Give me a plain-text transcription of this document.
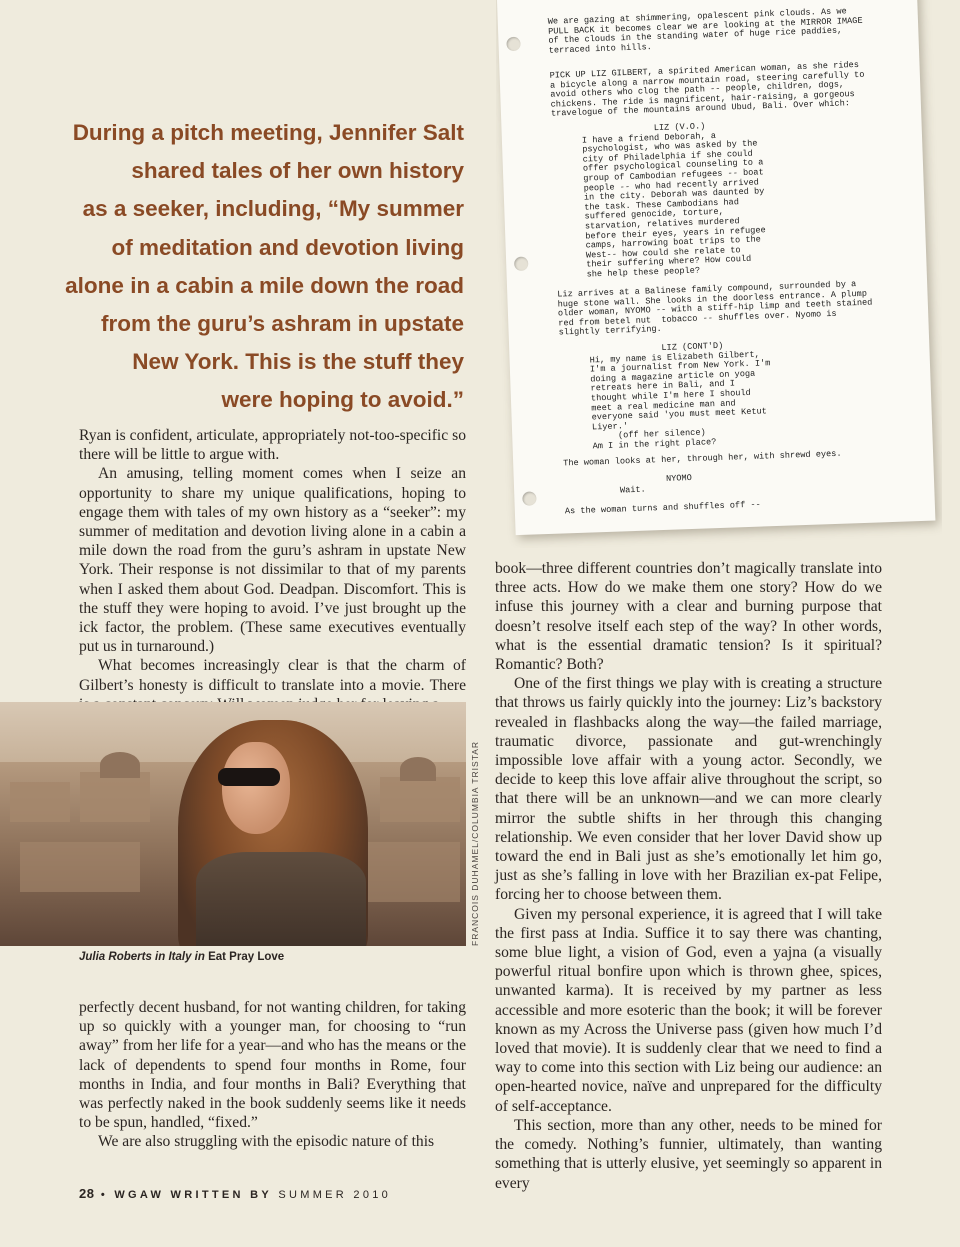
During a pitch meeting, Jennifer Salt
shared tales of her own history
as a seeker, including, “My summer
of meditation and devotion living
alone in a cabin a mile down the road
from the guru’s ashram in upstate
New York. This is the stuff they
were hoping to avoid.”

Ryan is confident, articulate, appropriately not-too-specific so there will be little to argue with.

An amusing, telling moment comes when I seize an opportunity to share my unique qualifications, hoping to engage them with tales of my own history as a “seeker”: my summer of meditation and devotion living alone in a cabin a mile down the road from the guru’s ashram in upstate New York. Their response is not dissimilar to that of my parents when I asked them about God. Deadpan. Discomfort. This is the stuff they were hoping to avoid. I’ve just brought up the ick factor, the problem. (These same executives eventually put us in turnaround.)

What becomes increasingly clear is that the charm of Gilbert’s honesty is difficult to translate into a movie. There

FRANCOIS DUHAMEL/COLUMBIA TRISTAR
Julia Roberts in Italy in Eat Pray Love

perfectly decent husband, for not wanting children, for taking up so quickly with a younger man, for choosing to “run away” from her life for a year—and who has the means or the lack of dependents to spend four months in Rome, four months in India, and four months in Bali? Everything that was perfectly naked in the book suddenly seems like it needs to be spun, handled, “fixed.”

We are also struggling with the episodic nature of this

We are gazing at shimmering, opalescent pink clouds. As we
PULL BACK it becomes clear we are looking at the MIRROR IMAGE
of the clouds in the standing water of huge rice paddies,
terraced into hills.
PICK UP LIZ GILBERT, a spirited American woman, as she rides
a bicycle along a narrow mountain road, steering carefully to
avoid others who clog the path -- people, children, dogs,
chickens. The ride is magnificent, hair-raising, a gorgeous
travelogue of the mountains around Ubud, Bali. Over which:
LIZ (V.O.)
I have a friend Deborah, a
psychologist, who was asked by the
city of Philadelphia if she could
offer psychological counseling to a
group of Cambodian refugees -- boat
people -- who had recently arrived
in the city. Deborah was daunted by
the task. These Cambodians had
suffered genocide, torture,
starvation, relatives murdered
before their eyes, years in refugee
camps, harrowing boat trips to the
West-- how could she relate to
their suffering where? How could
she help these people?
Liz arrives at a Balinese family compound, surrounded by a
huge stone wall. She looks in the doorless entrance. A plump
older woman, NYOMO -- with a stiff-hip limp and teeth stained
red from betel nut  tobacco -- shuffles over. Nyomo is
slightly terrifying.
LIZ (CONT'D)
Hi, my name is Elizabeth Gilbert,
I'm a journalist from New York. I'm
doing a magazine article on yoga
retreats here in Bali, and I
thought while I'm here I should
meet a real medicine man and
everyone said 'you must meet Ketut
Liyer.'
(off her silence)
Am I in the right place?
The woman looks at her, through her, with shrewd eyes.
NYOMO
Wait.
As the woman turns and shuffles off --

book—three different countries don’t magically translate into three acts. How do we make them one story? How do we infuse this journey with a clear and burning purpose that doesn’t resolve itself each step of the way? In other words, what is the essential dramatic tension? Is it spiritual? Romantic? Both?

One of the first things we play with is creating a structure that throws us fairly quickly into the journey: Liz’s backstory revealed in flashbacks along the way—the failed marriage, traumatic divorce, passionate and gut-wrenchingly impossible love affair with a young actor. Secondly, we decide to keep this love affair alive throughout the script, so that there will be an unknown—and we can more clearly mirror the subtle shifts in her through this changing relationship. We even consider that her lover David show up toward the end in Bali just as she’s emotionally let him go, just as she’s falling in love with her Brazilian ex-pat Felipe, forcing her to choose between them.

Given my personal experience, it is agreed that I will take the first pass at India. Suffice it to say there was chanting, some blue light, a vision of God, even a yajna (a visually powerful ritual bonfire upon which is thrown ghee, spices, unwanted karma). It is received by my partner as less accessible and more esoteric than the book; it will be forever known as my Across the Universe pass (given how much I’d loved that movie). It is suddenly clear that we need to find a way to come into this section with Liz being our audience: an open-hearted novice, naïve and unprepared for the difficulty of self-acceptance.

This section, more than any other, needs to be mined for the comedy. Nothing’s funnier, ultimately, than wanting something that is utterly elusive, yet seemingly so apparent in every

28 • WGAW WRITTEN BY SUMMER 2010
